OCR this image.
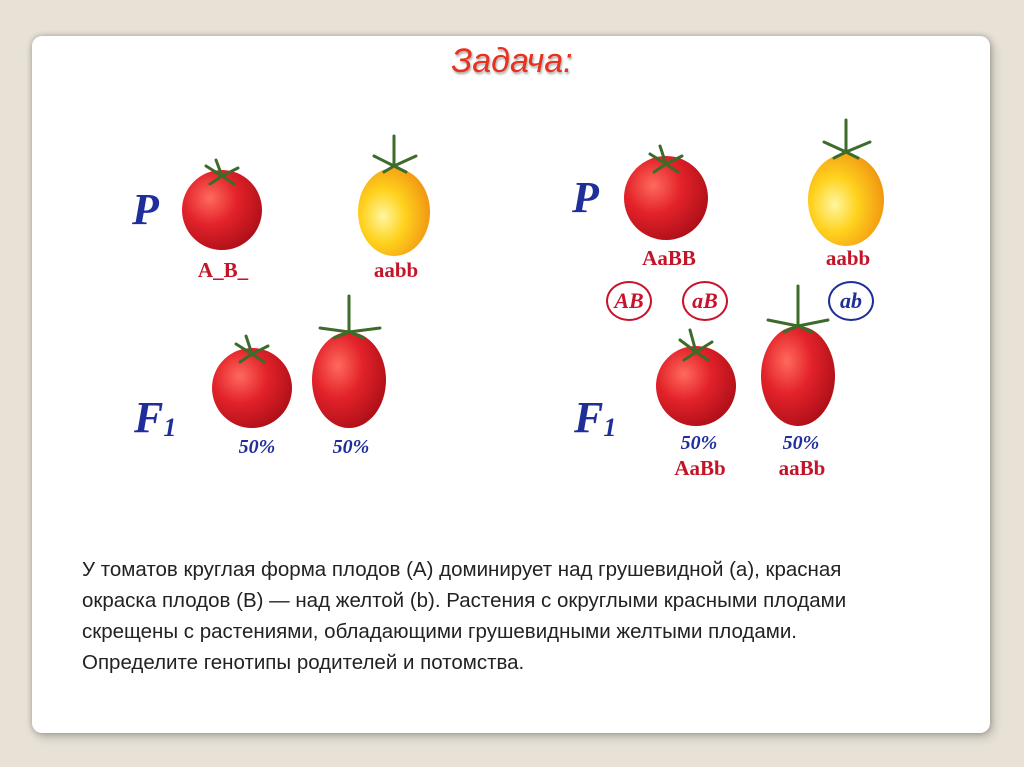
Задача:
P
$F_1$
A_B_	aabb
50%	50%
P
$F_1$
AaBB	aabb
AB	aB	ab
50%
AaBb
50%
aaBb
У томатов круглая форма плодов (А) доминирует над грушевидной (а), красная окраска плодов (В) — над желтой (b). Растения с округлыми красными плодами скрещены с растениями, обладающими грушевидными желтыми плодами. Определите генотипы родителей и потомства.
